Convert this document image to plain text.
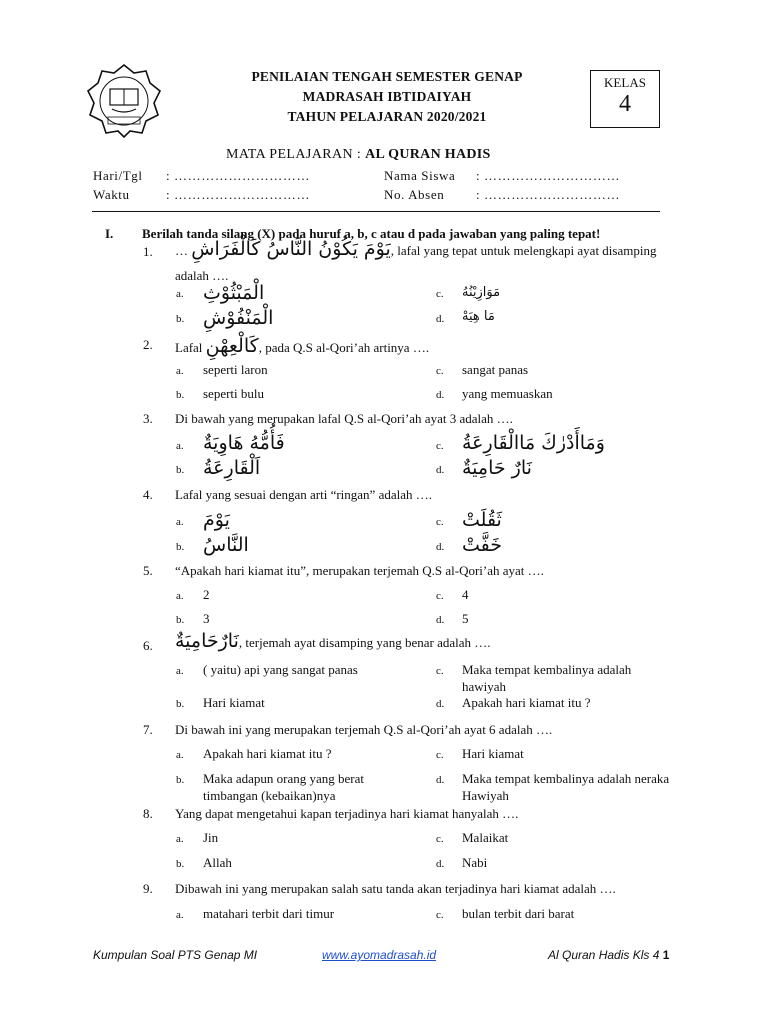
PENILAIAN TENGAH SEMESTER GENAP
MADRASAH IBTIDAIYAH
TAHUN PELAJARAN 2020/2021
KELAS
4
MATA PELAJARAN : AL QURAN HADIS
Hari/Tgl : …………………………
Waktu	: …………………………
Nama Siswa : …………………………
No. Absen : …………………………
I. Berilah tanda silang (X) pada huruf a, b, c atau d pada jawaban yang paling tepat!
1. … يَوْمَ يَكُوْنُ النَّاسُ كَالْفَرَاشِ, lafal yang tepat untuk melengkapi ayat disamping
adalah ….
a. الْمَبْثُوْثِ
b. الْمَنْفُوْشِ
c. مَوَازِيْنُهُ
d. مَا هِيَهْ
2. Lafal كَالْعِهْنِ, pada Q.S al-Qori’ah artinya ….
a. seperti laron
b. seperti bulu
c. sangat panas
d. yang memuaskan
3. Di bawah yang merupakan lafal Q.S al-Qori’ah ayat 3 adalah ….
a. فَأُمُّهُ هَاوِيَةٌ
b. اَلْقَارِعَةُ
c. وَمَاأَدْرٰكَ مَاالْقَارِعَةُ
d. نَارٌ حَامِيَةٌ
4. Lafal yang sesuai dengan arti “ringan” adalah ….
a. يَوْمَ
b. النَّاسُ
c. ثَقُلَتْ
d. خَفَّتْ
5. “Apakah hari kiamat itu”, merupakan terjemah Q.S al-Qori’ah ayat ….
a. 2
b. 3
c. 4
d. 5
6. نَارٌحَامِيَةٌ, terjemah ayat disamping yang benar adalah ….
a. ( yaitu) api yang sangat panas
b. Hari kiamat
c. Maka tempat kembalinya adalah
hawiyah
d. Apakah hari kiamat itu ?
7. Di bawah ini yang merupakan terjemah Q.S al-Qori’ah ayat 6 adalah ….
a. Apakah hari kiamat itu ?
b. Maka adapun orang yang berat
timbangan (kebaikan)nya
c. Hari kiamat
d. Maka tempat kembalinya adalah neraka
Hawiyah
8. Yang dapat mengetahui kapan terjadinya hari kiamat hanyalah ….
a. Jin
b. Allah
c. Malaikat
d. Nabi
9. Dibawah ini yang merupakan salah satu tanda akan terjadinya hari kiamat adalah ….
a. matahari terbit dari timur	c. bulan terbit dari barat
Kumpulan Soal PTS Genap MI	www.ayomadrasah.id	Al Quran Hadis Kls 4 1
